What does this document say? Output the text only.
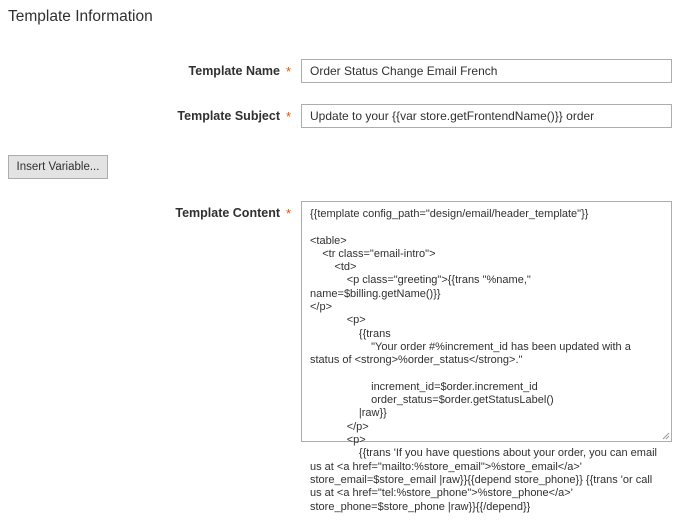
Template Information
Template Name *
Order Status Change Email French
Template Subject *
Update to your {{var store.getFrontendName()}} order
Insert Variable...
Template Content *	{{template config_path="design/email/header_template"}}

<table>
<tr class="email-intro">
<td>
<p class="greeting">{{trans "%name," name=$billing.getName()}}
</p>
<p>
{{trans
"Your order #%increment_id has been updated with a status of <strong>%order_status</strong>."

increment_id=$order.increment_id
order_status=$order.getStatusLabel()
|raw}}
</p>
<p>
{{trans 'If you have questions about your order, you can email us at <a href="mailto:%store_email">%store_email</a>' store_email=$store_email |raw}}{{depend store_phone}} {{trans 'or call us at <a href="tel:%store_phone">%store_phone</a>' store_phone=$store_phone |raw}}{{/depend}}
